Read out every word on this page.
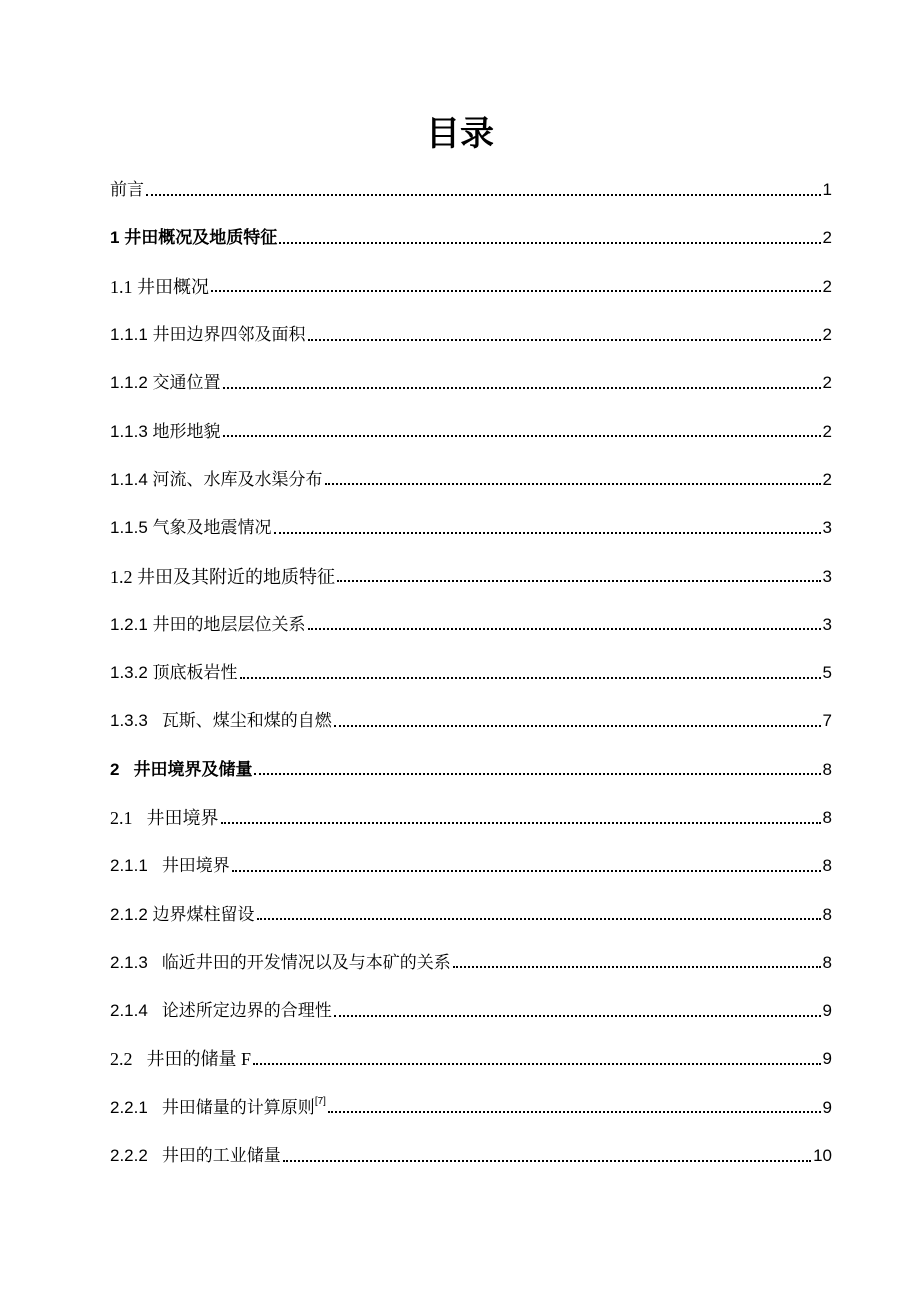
目录
前言	1
1 井田概况及地质特征	2
1.1 井田概况	2
1.1.1 井田边界四邻及面积	2
1.1.2 交通位置	2
1.1.3 地形地貌	2
1.1.4 河流、水库及水渠分布	2
1.1.5 气象及地震情况	3
1.2 井田及其附近的地质特征	3
1.2.1 井田的地层层位关系	3
1.3.2 顶底板岩性	5
1.3.3 瓦斯、煤尘和煤的自燃	7
2 井田境界及储量	8
2.1 井田境界	8
2.1.1 井田境界	8
2.1.2 边界煤柱留设	8
2.1.3 临近井田的开发情况以及与本矿的关系	8
2.1.4 论述所定边界的合理性	9
2.2 井田的储量 F	9
2.2.1 井田储量的计算原则[7]	9
2.2.2 井田的工业储量	10
